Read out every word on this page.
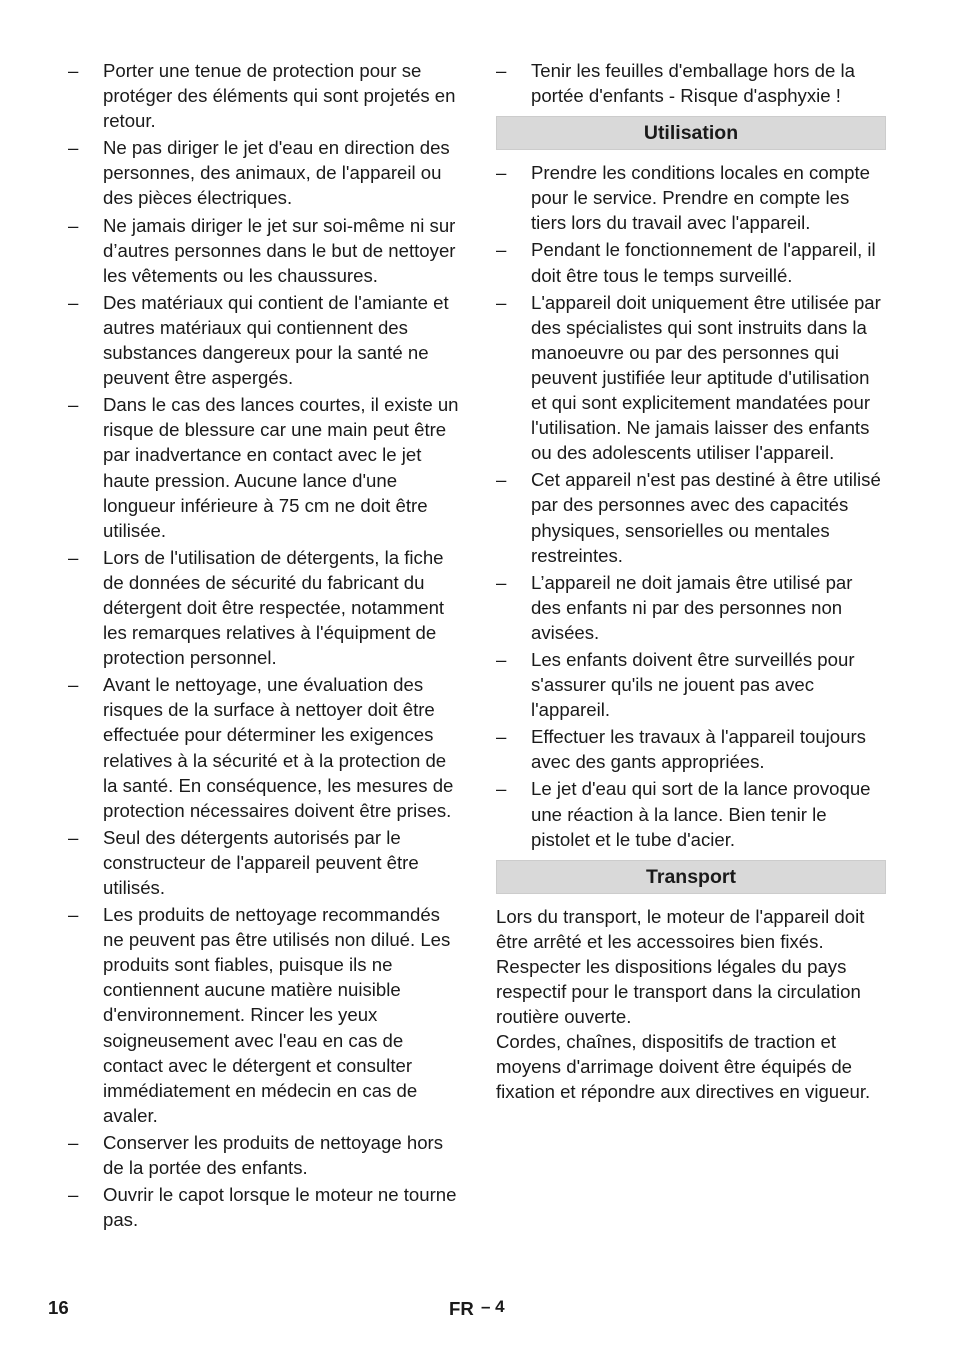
– Porter une tenue de protection pour se protéger des éléments qui sont projetés en retour.
– Ne pas diriger le jet d'eau en direction des personnes, des animaux, de l'appareil ou des pièces électriques.
– Ne jamais diriger le jet sur soi-même ni sur d’autres personnes dans le but de nettoyer les vêtements ou les chaussures.
– Des matériaux qui contient de l'amiante et autres matériaux qui contiennent des substances dangereux pour la santé ne peuvent être aspergés.
– Dans le cas des lances courtes, il existe un risque de blessure car une main peut être par inadvertance en contact avec le jet haute pression. Aucune lance d'une longueur inférieure à 75 cm ne doit être utilisée.
– Lors de l'utilisation de détergents, la fiche de données de sécurité du fabricant du détergent doit être respectée, notamment les remarques relatives à l'équipment de protection personnel.
– Avant le nettoyage, une évaluation des risques de la surface à nettoyer doit être effectuée pour déterminer les exigences relatives à la sécurité et à la protection de la santé. En conséquence, les mesures de protection nécessaires doivent être prises.
– Seul des détergents autorisés par le constructeur de l'appareil peuvent être utilisés.
– Les produits de nettoyage recommandés ne peuvent pas être utilisés non dilué. Les produits sont fiables, puisque ils ne contiennent aucune matière nuisible d'environnement. Rincer les yeux soigneusement avec l'eau en cas de contact avec le détergent et consulter immédiatement en médecin en cas de avaler.
– Conserver les produits de nettoyage hors de la portée des enfants.
– Ouvrir le capot lorsque le moteur ne tourne pas.
– Tenir les feuilles d'emballage hors de la portée d'enfants - Risque d'asphyxie !
Utilisation
– Prendre les conditions locales en compte pour le service. Prendre en compte les tiers lors du travail avec l'appareil.
– Pendant le fonctionnement de l'appareil, il doit être tous le temps surveillé.
– L'appareil doit uniquement être utilisée par des spécialistes qui sont instruits dans la manoeuvre ou par des personnes qui peuvent justifiée leur aptitude d'utilisation et qui sont explicitement mandatées pour l'utilisation. Ne jamais laisser des enfants ou des adolescents utiliser l'appareil.
– Cet appareil n'est pas destiné à être utilisé par des personnes avec des capacités physiques, sensorielles ou mentales restreintes.
– L’appareil ne doit jamais être utilisé par des enfants ni par des personnes non avisées.
– Les enfants doivent être surveillés pour s'assurer qu'ils ne jouent pas avec l'appareil.
– Effectuer les travaux à l'appareil toujours avec des gants appropriées.
– Le jet d'eau qui sort de la lance provoque une réaction à la lance. Bien tenir le pistolet et le tube d'acier.
Transport

Lors du transport, le moteur de l'appareil doit être arrêté et les accessoires bien fixés.

Respecter les dispositions légales du pays respectif pour le transport dans la circulation routière ouverte.

Cordes, chaînes, dispositifs de traction et moyens d'arrimage doivent être équipés de fixation et répondre aux directives en vigueur.

16	FR – 4
